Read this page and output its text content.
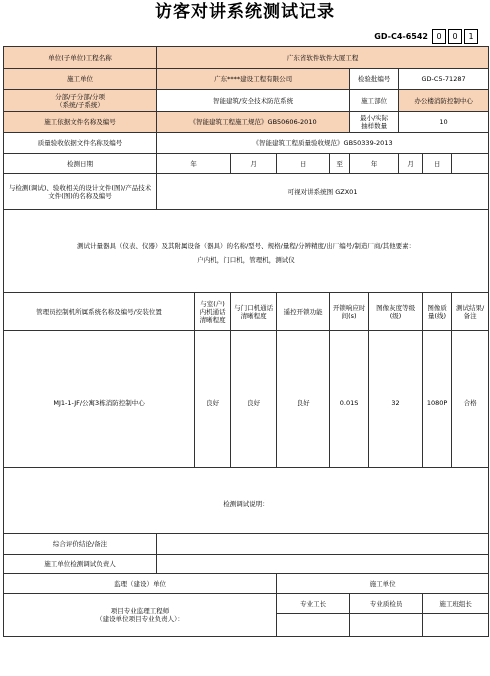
访客对讲系统测试记录
GD-C4-6542	0	0	1
单位(子单位)工程名称	广东省软件软件大厦工程									
施工单位	广东****建设工程有限公司					检验批编号		GD-C5-71287		
分部/子分部/分项
（系统/子系统）	智能建筑/安全技术防范系统					施工部位		办公楼消防控制中心		
施工依据文件名称及编号	《智能建筑工程施工规范》GB50606-2010					最小/实际
抽样数量		10		
质量验收依据文件名称及编号	《智能建筑工程质量验收规范》GB50339-2013									
检测日期	年		月	日	至	年		月	日	
与检测(调试)、验收相关的设计文件(图)/产品技术文件(图)的名称及编号	可视对讲系统图 GZX01									

测试计量器具（仪表、仪器）及其附属设备（器具）的名称/型号、规格/量程/分辨精度/出厂编号/制造厂商/其他要素：
户内机，门口机，管理机，测试仪										

管理员控制机所属系统名称及编号/安装位置		与室(户)内机通话清晰程度	与门口机通话清晰程度	遥控开锁功能	开锁响应时间(s)		图像灰度等级(级)		图像质量(线)	测试结果/备注

MJ1-1-JF/公寓3栋消防控制中心		良好	良好	良好	0.01S		32		1080P	合格

检测调试说明：										

综合评价结论/备注										
施工单位检测调试负责人										
监理（建设）单位				施工单位						
项目专业监理工程师
（建设单位项目专业负责人）：				专业工长		专业质检员			施工班组长	
